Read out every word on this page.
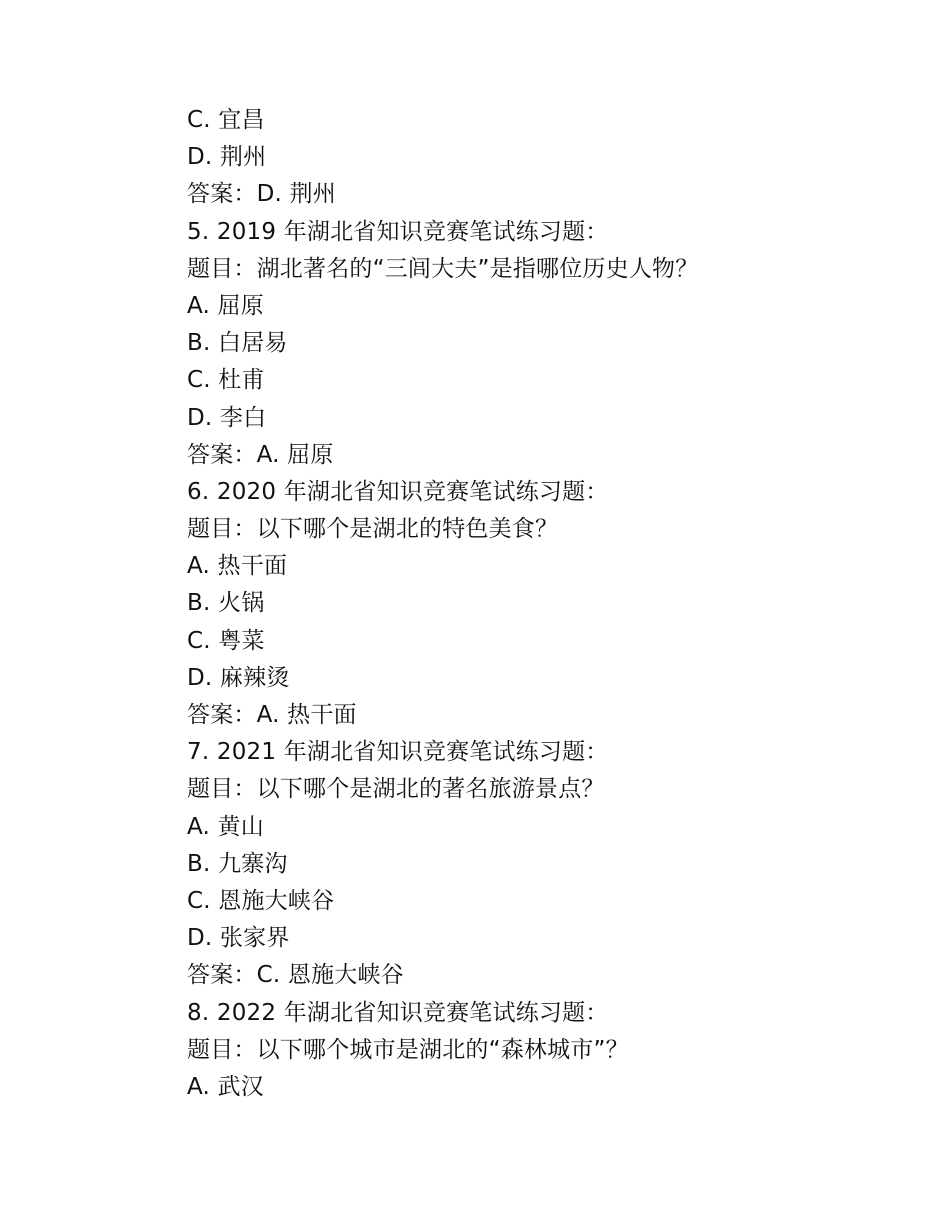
C. 宜昌
D. 荆州
答案：D. 荆州
5. 2019 年湖北省知识竞赛笔试练习题：
题目：湖北著名的“三闾大夫”是指哪位历史人物？
A. 屈原
B. 白居易
C. 杜甫
D. 李白
答案：A. 屈原
6. 2020 年湖北省知识竞赛笔试练习题：
题目：以下哪个是湖北的特色美食？
A. 热干面
B. 火锅
C. 粤菜
D. 麻辣烫
答案：A. 热干面
7. 2021 年湖北省知识竞赛笔试练习题：
题目：以下哪个是湖北的著名旅游景点？
A. 黄山
B. 九寨沟
C. 恩施大峡谷
D. 张家界
答案：C. 恩施大峡谷
8. 2022 年湖北省知识竞赛笔试练习题：
题目：以下哪个城市是湖北的“森林城市”？
A. 武汉
